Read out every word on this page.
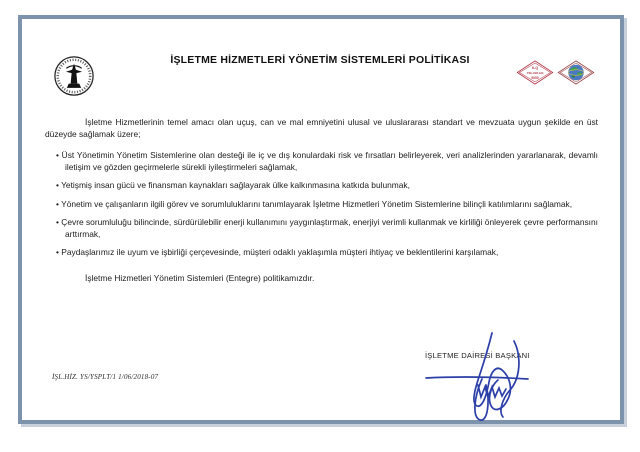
İŞLETME HİZMETLERİ YÖNETİM SİSTEMLERİ POLİTİKASI
K-Q
TSE-ISO-EN
9000

İşletme Hizmetlerinin temel amacı olan uçuş, can ve mal emniyetini ulusal ve uluslararası standart ve mevzuata uygun şekilde en üst düzeyde sağlamak üzere;

• Üst Yönetimin Yönetim Sistemlerine olan desteği ile iç ve dış konulardaki risk ve fırsatları belirleyerek, veri analizlerinden yararlanarak, devamlı iletişim ve gözden geçirmelerle sürekli iyileştirmeleri sağlamak,
• Yetişmiş insan gücü ve finansman kaynakları sağlayarak ülke kalkınmasına katkıda bulunmak,
• Yönetim ve çalışanların ilgili görev ve sorumluluklarını tanımlayarak İşletme Hizmetleri Yönetim Sistemlerine bilinçli katılımlarını sağlamak,
• Çevre sorumluluğu bilincinde, sürdürülebilir enerji kullanımını yaygınlaştırmak, enerjiyi verimli kullanmak ve kirliliği önleyerek çevre performansını arttırmak,
• Paydaşlarımız ile uyum ve işbirliği çerçevesinde, müşteri odaklı yaklaşımla müşteri ihtiyaç ve beklentilerini karşılamak,

İşletme Hizmetleri Yönetim Sistemleri (Entegre) politikamızdır.

İŞLETME DAİRESİ BAŞKANI
İŞL.HİZ. YS/YSPLT/1 1/06/2018-07
